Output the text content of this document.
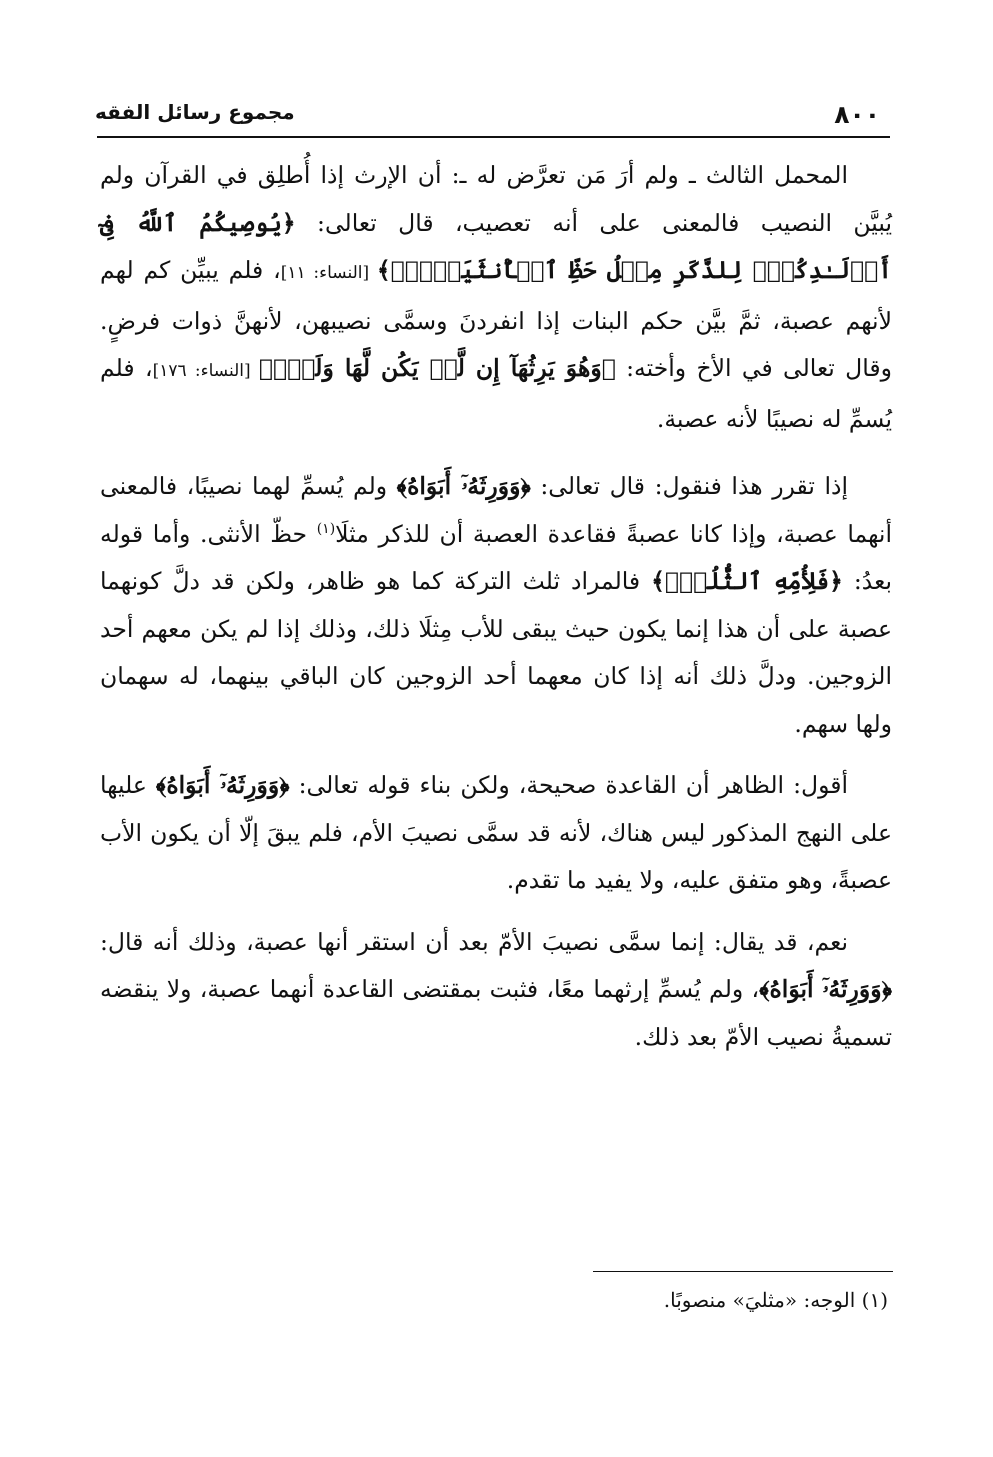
٨٠٠
مجموع رسائل الفقه

المحمل الثالث ـ ولم أرَ مَن تعرَّض له ـ: أن الإرث إذا أُطلِق في القرآن ولم يُبيَّن النصيب فالمعنى على أنه تعصيب، قال تعالى: ﴿يُوصِيكُمُ ٱللَّهُ فِىٓ أَوۡلَـٰدِكُمۡۖ لِلذَّكَرِ مِثۡلُ حَظِّ ٱلۡأُنثَيَيۡنِۚ﴾ [النساء: ١١]، فلم يبيِّن كم لهم لأنهم عصبة، ثمَّ بيَّن حكم البنات إذا انفردنَ وسمَّى نصيبهن، لأنهنَّ ذوات فرضٍ. وقال تعالى في الأخ وأخته: ﴿وَهُوَ يَرِثُهَآ إِن لَّمۡ يَكُن لَّهَا وَلَدٌۚ﴾ [النساء: ١٧٦]، فلم يُسمِّ له نصيبًا لأنه عصبة.

إذا تقرر هذا فنقول: قال تعالى: ﴿وَوَرِثَهُۥٓ أَبَوَاهُ﴾ ولم يُسمِّ لهما نصيبًا، فالمعنى أنهما عصبة، وإذا كانا عصبةً فقاعدة العصبة أن للذكر مثلَا$^{(١)}$ حظّ الأنثى. وأما قوله بعدُ: ﴿فَلِأُمِّهِ ٱلثُّلُثُۚ﴾ فالمراد ثلث التركة كما هو ظاهر، ولكن قد دلَّ كونهما عصبة على أن هذا إنما يكون حيث يبقى للأب مِثلَا ذلك، وذلك إذا لم يكن معهم أحد الزوجين. ودلَّ ذلك أنه إذا كان معهما أحد الزوجين كان الباقي بينهما، له سهمان ولها سهم.

أقول: الظاهر أن القاعدة صحيحة، ولكن بناء قوله تعالى: ﴿وَوَرِثَهُۥٓ أَبَوَاهُ﴾ عليها على النهج المذكور ليس هناك، لأنه قد سمَّى نصيبَ الأم، فلم يبقَ إلّا أن يكون الأب عصبةً، وهو متفق عليه، ولا يفيد ما تقدم.

نعم، قد يقال: إنما سمَّى نصيبَ الأمّ بعد أن استقر أنها عصبة، وذلك أنه قال: ﴿وَوَرِثَهُۥٓ أَبَوَاهُ﴾، ولم يُسمِّ إرثهما معًا، فثبت بمقتضى القاعدة أنهما عصبة، ولا ينقضه تسميةُ نصيب الأمّ بعد ذلك.

(١) الوجه: «مثليَ» منصوبًا.
